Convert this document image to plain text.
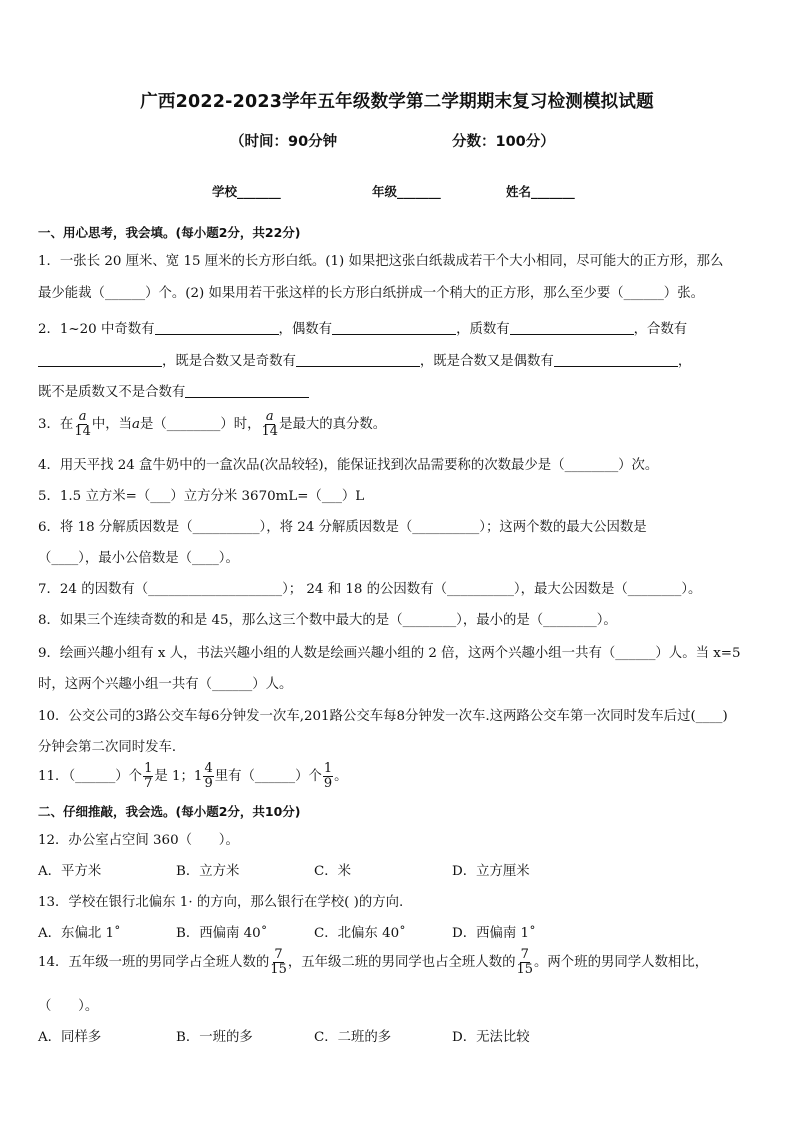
广西2022-2023学年五年级数学第二学期期末复习检测模拟试题
（时间：90分钟	分数：100分）
学校_______	年级_______	姓名_______
一、用心思考，我会填。(每小题2分，共22分)
1．一张长 20 厘米、宽 15 厘米的长方形白纸。(1) 如果把这张白纸裁成若干个大小相同，尽可能大的正方形，那么
最少能裁（______）个。(2) 如果用若干张这样的长方形白纸拼成一个稍大的正方形，那么至少要（______）张。
2．1~20 中奇数有	，偶数有	，质数有	，合数有
，既是合数又是奇数有	，既是合数又是偶数有	，
既不是质数又不是合数有
3．在 $\frac{a}{14}$ 中，当a是（________）时， $\frac{a}{14}$ 是最大的真分数。
4．用天平找 24 盒牛奶中的一盒次品(次品较轻)，能保证找到次品需要称的次数最少是（________）次。
5．1.5 立方米=（___）立方分米 3670mL=（___）L
6．将 18 分解质因数是（__________），将 24 分解质因数是（__________）；这两个数的最大公因数是
（____），最小公倍数是（____）。
7．24 的因数有（____________________）； 24 和 18 的公因数有（__________），最大公因数是（________）。
8．如果三个连续奇数的和是 45，那么这三个数中最大的是（________），最小的是（________）。
9．绘画兴趣小组有 x 人，书法兴趣小组的人数是绘画兴趣小组的 2 倍，这两个兴趣小组一共有（______）人。当 x=5
时，这两个兴趣小组一共有（______）人。
10．公交公司的3路公交车每6分钟发一次车,201路公交车每8分钟发一次车.这两路公交车第一次同时发车后过(____)
分钟会第二次同时发车．
11．（______）个 $\frac{1}{7}$ 是 1；$1 \frac{4}{9}$ 里有（______）个 $\frac{1}{9}$ 。
二、仔细推敲，我会选。(每小题2分，共10分)
12．办公室占空间 360（　　）。
A．平方米	B．立方米	C．米	D．立方厘米
13．学校在银行北偏东 1· 的方向，那么银行在学校( )的方向.
A．东偏北 1˚	B．西偏南 40˚	C．北偏东 40˚	D．西偏南 1˚
14．五年级一班的男同学占全班人数的 $\frac{7}{15}$ ，五年级二班的男同学也占全班人数的 $\frac{7}{15}$ 。两个班的男同学人数相比，
（　　）。
A．同样多	B．一班的多	C．二班的多	D．无法比较
